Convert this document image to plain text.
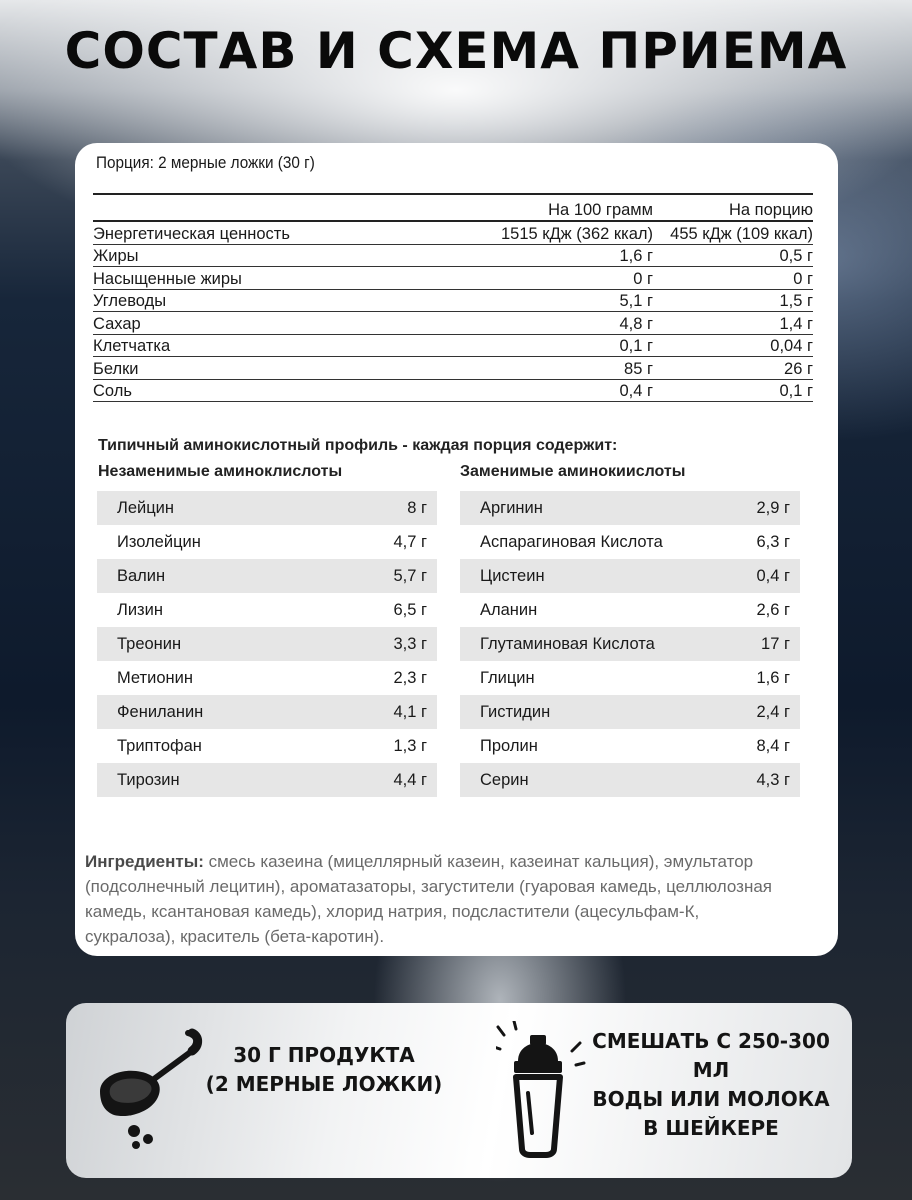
СОСТАВ И СХЕМА ПРИЕМА
Порция: 2 мерные ложки (30 г)
На 100 грамм	На порцию
Энергетическая ценность	1515 кДж (362 ккал)	455 кДж (109 ккал)
Жиры	1,6 г	0,5 г
Насыщенные жиры	0 г	0 г
Углеводы	5,1 г	1,5 г
Сахар	4,8 г	1,4 г
Клетчатка	0,1 г	0,04 г
Белки	85 г	26 г
Соль	0,4 г	0,1 г
Типичный аминокислотный профиль - каждая порция содержит:
Незаменимые аминоклислоты	Заменимые аминокиислоты
Лейцин	8 г
Изолейцин	4,7 г
Валин	5,7 г
Лизин	6,5 г
Треонин	3,3 г
Метионин	2,3 г
Фениланин	4,1 г
Триптофан	1,3 г
Тирозин	4,4 г
Аргинин	2,9 г
Аспарагиновая Кислота	6,3 г
Цистеин	0,4 г
Аланин	2,6 г
Глутаминовая Кислота	17 г
Глицин	1,6 г
Гистидин	2,4 г
Пролин	8,4 г
Серин	4,3 г
Ингредиенты: смесь казеина (мицеллярный казеин, казеинат кальция), эмультатор (подсолнечный лецитин), ароматазаторы, загустители (гуаровая камедь, целлюлозная камедь, ксантановая камедь), хлорид натрия, подсластители (ацесульфам-К, сукралоза), краситель (бета-каротин).
30 Г ПРОДУКТА
(2 МЕРНЫЕ ЛОЖКИ)
СМЕШАТЬ С 250-300 МЛ
ВОДЫ ИЛИ МОЛОКА
В ШЕЙКЕРЕ
